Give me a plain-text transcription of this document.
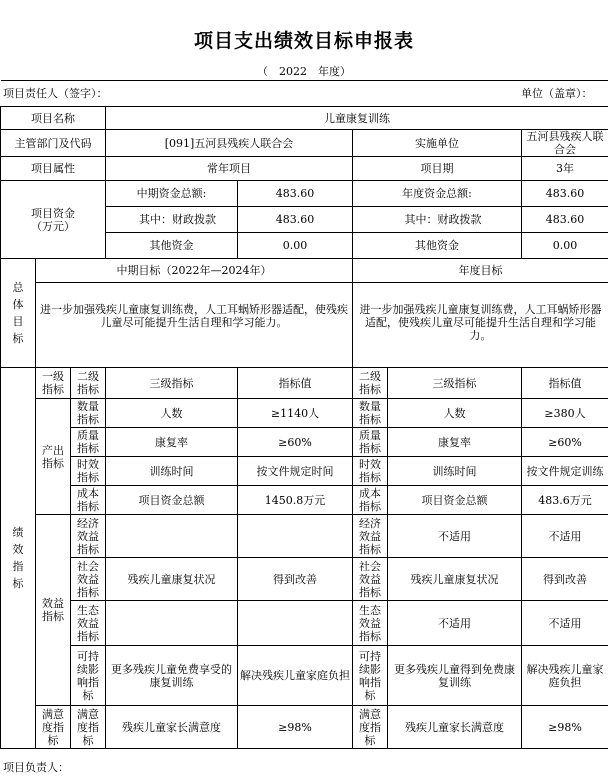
项目支出绩效目标申报表
（　2022　年度）
项目责任人（签字）：	单位（盖章）：

项目名称			儿童康复训练				
主管部门及代码			[091]五河县残疾人联合会		实施单位		五河县残疾人联合会
项目属性			常年项目		项目期		3年
项目资金
（万元）			中期资金总额:	483.60	年度资金总额:		483.60
			其中：财政拨款	483.60	其中：财政拨款		483.60
			其他资金	0.00	其他资金		0.00
总体目标	中期目标（2022年—2024年）				年度目标		
	进一步加强残疾儿童康复训练费，人工耳蜗矫形器适配，使残疾儿童尽可能提升生活自理和学习能力。				进一步加强残疾儿童康复训练费，人工耳蜗矫形器适配，使残疾儿童尽可能提升生活自理和学习能力。		
绩效指标	一级指标	二级指标	三级指标	指标值	二级指标	三级指标	指标值
	产出指标	数量指标	人数	≥1140人	数量指标	人数	≥380人
		质量指标	康复率	≥60%	质量指标	康复率	≥60%
		时效指标	训练时间	按文件规定时间	时效指标	训练时间	按文件规定训练
		成本指标	项目资金总额	1450.8万元	成本指标	项目资金总额	483.6万元
	效益指标	经济效益指标			经济效益指标	不适用	不适用
		社会效益指标	残疾儿童康复状况	得到改善	社会效益指标	残疾儿童康复状况	得到改善
		生态效益指标			生态效益指标	不适用	不适用
		可持续影响指标	更多残疾儿童免费享受的康复训练	解决残疾儿童家庭负担	可持续影响指标	更多残疾儿童得到免费康复训练	解决残疾儿童家庭负担
	满意度指标	满意度指标	残疾儿童家长满意度	≥98%	满意度指标	残疾儿童家长满意度	≥98%
项目负责人：
